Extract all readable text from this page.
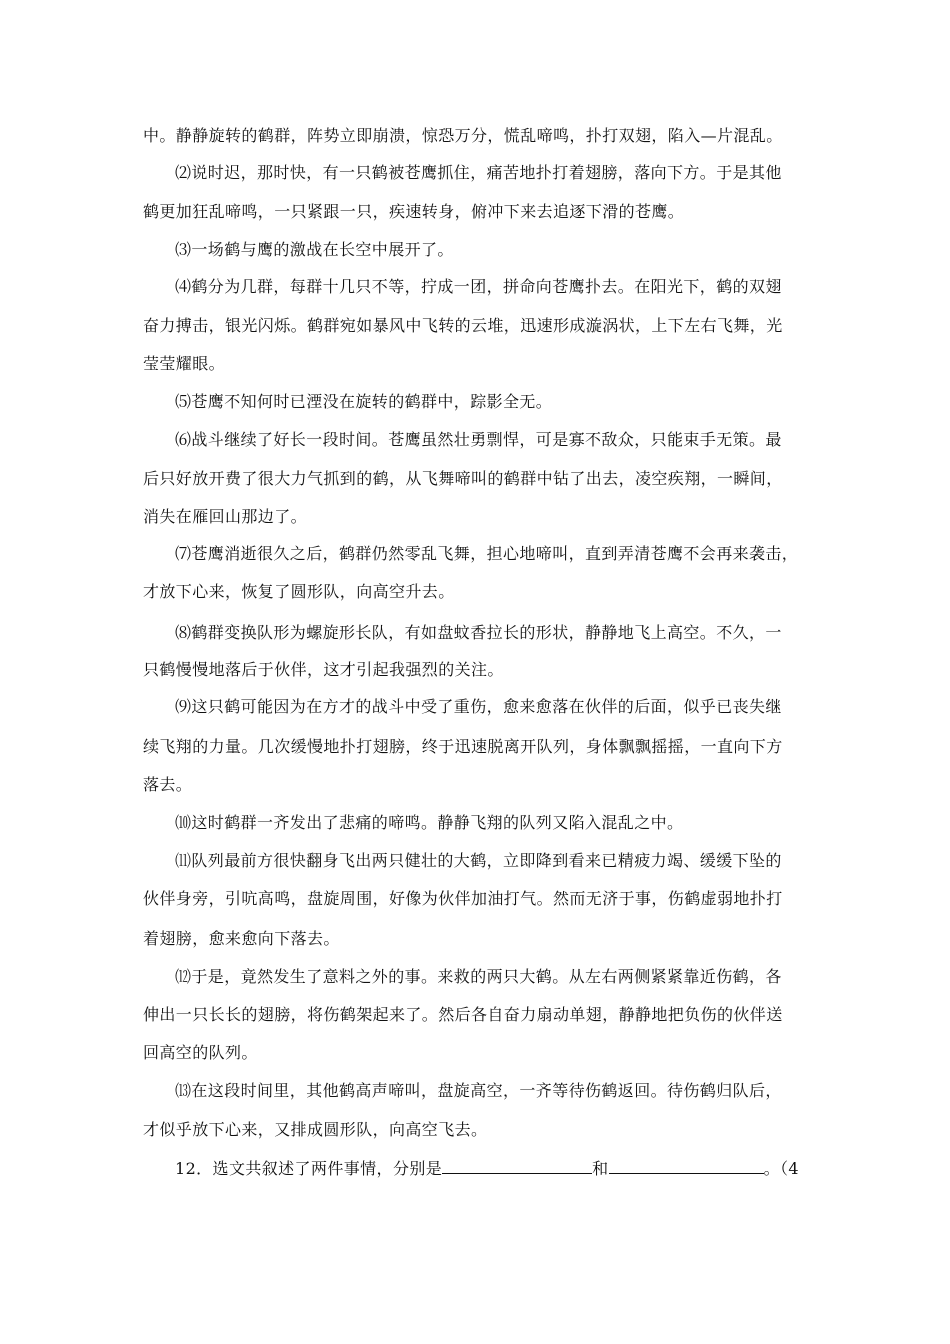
中。静静旋转的鹤群，阵势立即崩溃，惊恐万分，慌乱啼鸣，扑打双翅，陷入—片混乱。
⑵说时迟，那时快，有一只鹤被苍鹰抓住，痛苦地扑打着翅膀，落向下方。于是其他
鹤更加狂乱啼鸣，一只紧跟一只，疾速转身，俯冲下来去追逐下滑的苍鹰。
⑶一场鹤与鹰的激战在长空中展开了。
⑷鹤分为几群，每群十几只不等，拧成一团，拼命向苍鹰扑去。在阳光下，鹤的双翅
奋力搏击，银光闪烁。鹤群宛如暴风中飞转的云堆，迅速形成漩涡状，上下左右飞舞，光
莹莹耀眼。
⑸苍鹰不知何时已湮没在旋转的鹤群中，踪影全无。
⑹战斗继续了好长一段时间。苍鹰虽然壮勇剽悍，可是寡不敌众，只能束手无策。最
后只好放开费了很大力气抓到的鹤，从飞舞啼叫的鹤群中钻了出去，凌空疾翔，一瞬间，
消失在雁回山那边了。
⑺苍鹰消逝很久之后，鹤群仍然零乱飞舞，担心地啼叫，直到弄清苍鹰不会再来袭击，
才放下心来，恢复了圆形队，向高空升去。
⑻鹤群变换队形为螺旋形长队，有如盘蚊香拉长的形状，静静地飞上高空。不久，一
只鹤慢慢地落后于伙伴，这才引起我强烈的关注。
⑼这只鹤可能因为在方才的战斗中受了重伤，愈来愈落在伙伴的后面，似乎已丧失继
续飞翔的力量。几次缓慢地扑打翅膀，终于迅速脱离开队列，身体飘飘摇摇，一直向下方
落去。
⑽这时鹤群一齐发出了悲痛的啼鸣。静静飞翔的队列又陷入混乱之中。
⑾队列最前方很快翻身飞出两只健壮的大鹤，立即降到看来已精疲力竭、缓缓下坠的
伙伴身旁，引吭高鸣，盘旋周围，好像为伙伴加油打气。然而无济于事，伤鹤虚弱地扑打
着翅膀，愈来愈向下落去。
⑿于是，竟然发生了意料之外的事。来救的两只大鹤。从左右两侧紧紧靠近伤鹤，各
伸出一只长长的翅膀，将伤鹤架起来了。然后各自奋力扇动单翅，静静地把负伤的伙伴送
回高空的队列。
⒀在这段时间里，其他鹤高声啼叫，盘旋高空，一齐等待伤鹤返回。待伤鹤归队后，
才似乎放下心来，又排成圆形队，向高空飞去。
12．选文共叙述了两件事情，分别是	和	。（4
